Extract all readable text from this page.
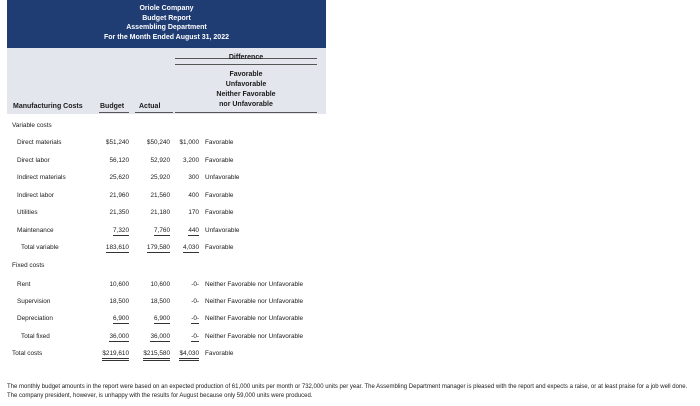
Oriole Company
Budget Report
Assembling Department
For the Month Ended August 31, 2022
Difference
Favorable
Unfavorable
Neither Favorable
nor Unfavorable
Manufacturing Costs Budget Actual
Variable costs
Direct materials	$51,240	$50,240	$1,000 Favorable
Direct labor	56,120	52,920	3,200 Favorable
Indirect materials	25,620	25,920	300 Unfavorable
Indirect labor	21,960	21,560	400 Favorable
Utilities	21,350	21,180	170 Favorable
Maintenance	7,320	7,760	440 Unfavorable
Total variable	183,610	179,580	4,030 Favorable
Fixed costs
Rent	10,600	10,600	-0- Neither Favorable nor Unfavorable
Supervision	18,500	18,500	-0- Neither Favorable nor Unfavorable
Depreciation	6,900	6,900	-0- Neither Favorable nor Unfavorable
Total fixed	36,000	36,000	-0- Neither Favorable nor Unfavorable
Total costs	$219,610	$215,580	$4,030 Favorable
The monthly budget amounts in the report were based on an expected production of 61,000 units per month or 732,000 units per year. The Assembling Department manager is pleased with the report and expects a raise, or at least praise for a job well done. The company president, however, is unhappy with the results for August because only 59,000 units were produced.
